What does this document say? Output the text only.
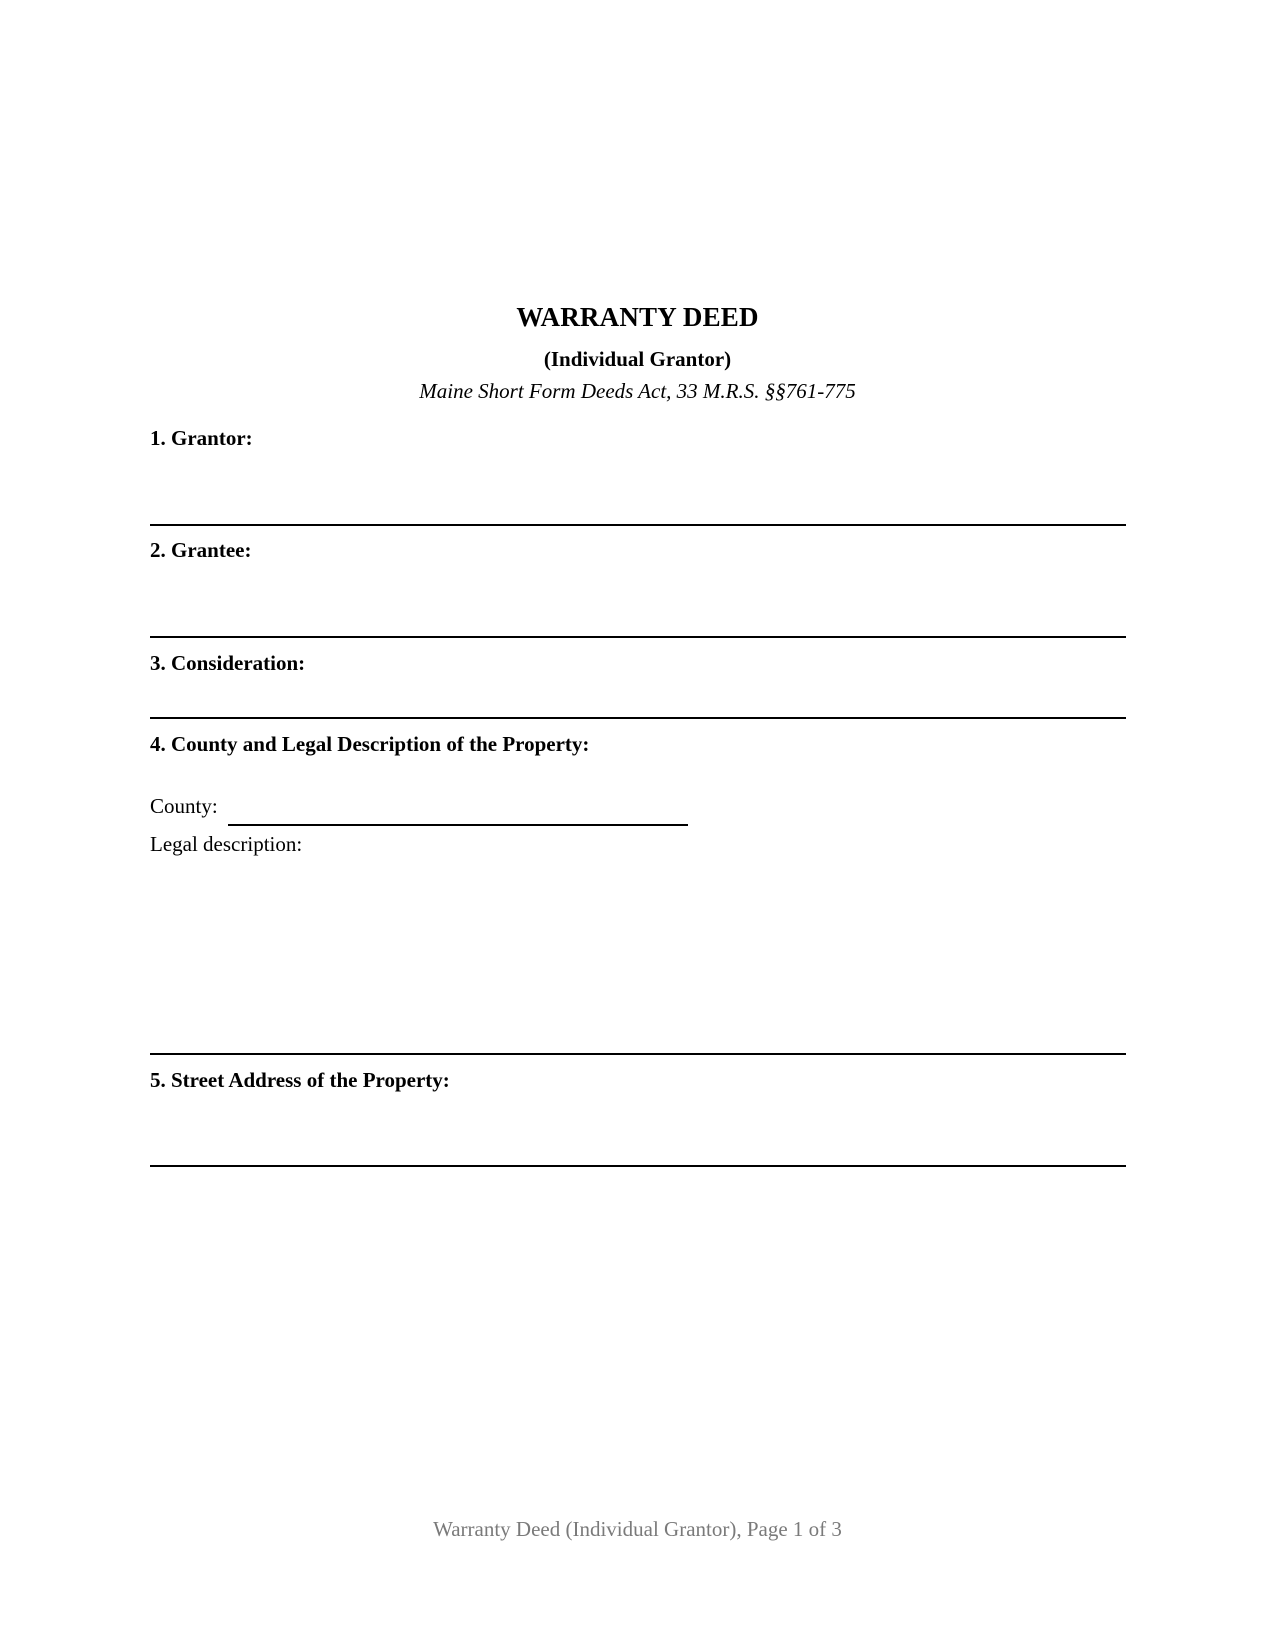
WARRANTY DEED
(Individual Grantor)
Maine Short Form Deeds Act, 33 M.R.S. §§761-775
1. Grantor:
2. Grantee:
3. Consideration:
4. County and Legal Description of the Property:
County:
Legal description:
5. Street Address of the Property:
Warranty Deed (Individual Grantor), Page 1 of 3
